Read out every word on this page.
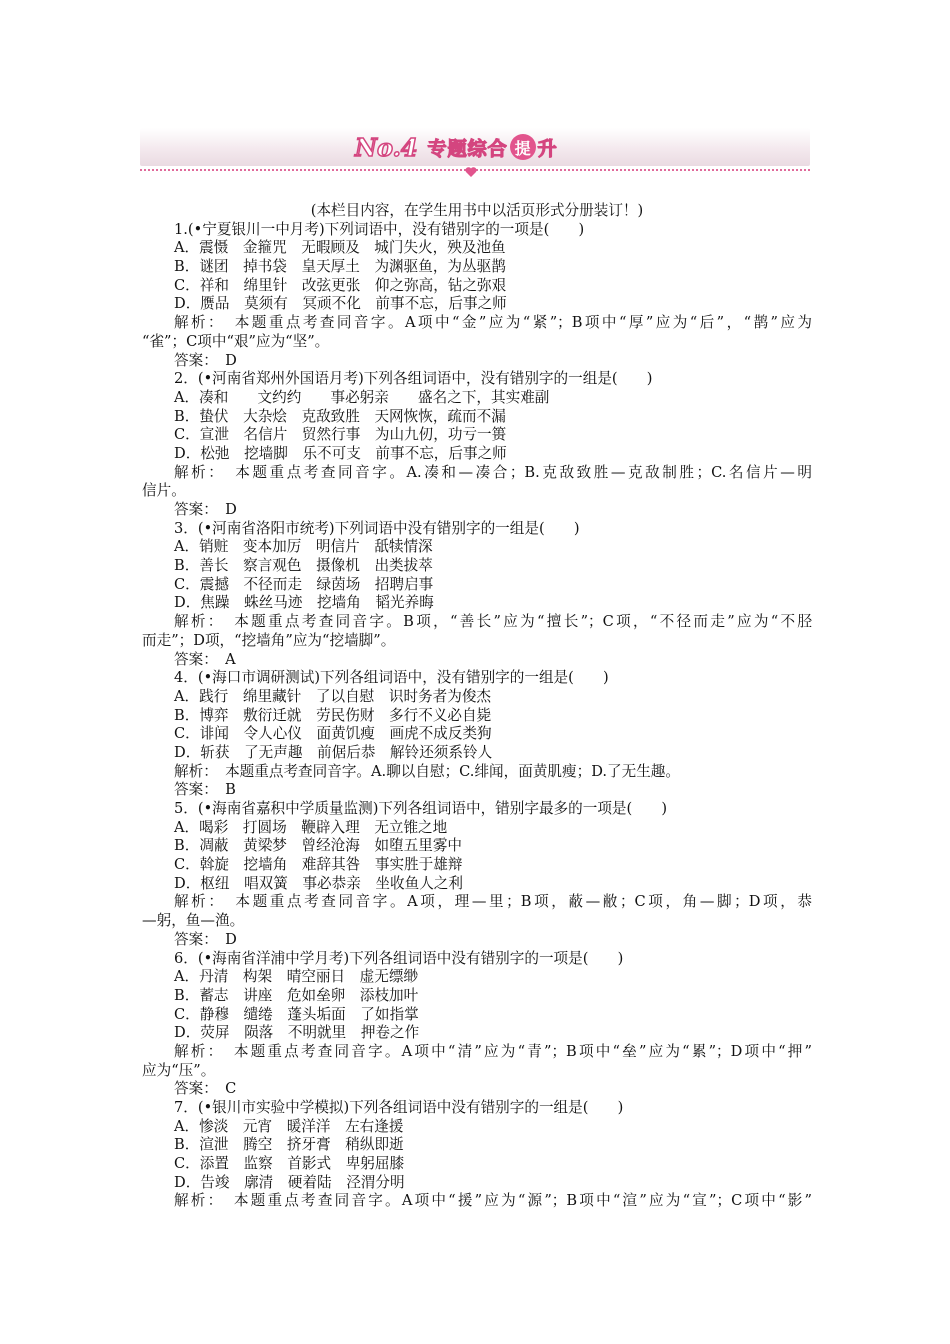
No.4 专题综合 提 升
(本栏目内容，在学生用书中以活页形式分册装订！)
1.(•宁夏银川一中月考)下列词语中，没有错别字的一项是(　　)
A．震慑　金箍咒　无暇顾及　城门失火，殃及池鱼
B．谜团　掉书袋　皇天厚土　为渊驱鱼，为丛驱鹊
C．祥和　绵里针　改弦更张　仰之弥高，钻之弥艰
D．赝品　莫须有　冥顽不化　前事不忘，后事之师
解析：　本题重点考查同音字。A项中“金”应为“紧”；B项中“厚”应为“后”，“鹊”应为
“雀”；C项中“艰”应为“坚”。
答案：　D
2．(•河南省郑州外国语月考)下列各组词语中，没有错别字的一组是(　　)
A．凑和　　文约约　　事必躬亲　　盛名之下，其实难副
B．蛰伏　大杂烩　克敌致胜　天网恢恢，疏而不漏
C．宣泄　名信片　贸然行事　为山九仞，功亏一篑
D．松弛　挖墙脚　乐不可支　前事不忘，后事之师
解析：　本题重点考查同音字。A.凑和—凑合；B.克敌致胜—克敌制胜；C.名信片—明
信片。
答案：　D
3．(•河南省洛阳市统考)下列词语中没有错别字的一组是(　　)
A．销赃　变本加厉　明信片　舐犊情深
B．善长　察言观色　摄像机　出类拔萃
C．震撼　不径而走　绿茵场　招聘启事
D．焦躁　蛛丝马迹　挖墙角　韬光养晦
解析：　本题重点考查同音字。B项，“善长”应为“擅长”；C项，“不径而走”应为“不胫
而走”；D项，“挖墙角”应为“挖墙脚”。
答案：　A
4．(•海口市调研测试)下列各组词语中，没有错别字的一组是(　　)
A．践行　绵里藏针　了以自慰　识时务者为俊杰
B．博弈　敷衍迁就　劳民伤财　多行不义必自毙
C．诽闻　令人心仪　面黄饥瘦　画虎不成反类狗
D．斩获　了无声趣　前倨后恭　解铃还须系铃人
解析：　本题重点考查同音字。A.聊以自慰；C.绯闻，面黄肌瘦；D.了无生趣。
答案：　B
5．(•海南省嘉积中学质量监测)下列各组词语中，错别字最多的一项是(　　)
A．喝彩　打圆场　鞭辟入理　无立锥之地
B．凋蔽　黄梁梦　曾经沧海　如堕五里雾中
C．斡旋　挖墙角　难辞其咎　事实胜于雄辩
D．枢纽　唱双簧　事必恭亲　坐收鱼人之利
解析：　本题重点考查同音字。A项，理—里；B项，蔽—敝；C项，角—脚；D项，恭
—躬，鱼—渔。
答案：　D
6．(•海南省洋浦中学月考)下列各组词语中没有错别字的一项是(　　)
A．丹清　构架　晴空丽日　虚无缥缈
B．蓄志　讲座　危如垒卵　添枝加叶
C．静穆　缱绻　蓬头垢面　了如指掌
D．荧屏　陨落　不明就里　押卷之作
解析：　本题重点考查同音字。A项中“清”应为“青”；B项中“垒”应为“累”；D项中“押”
应为“压”。
答案：　C
7．(•银川市实验中学模拟)下列各组词语中没有错别字的一组是(　　)
A．惨淡　元宵　暖洋洋　左右逢援
B．渲泄　腾空　挤牙膏　稍纵即逝
C．添置　监察　首影式　卑躬屈膝
D．告竣　廓清　硬着陆　泾渭分明
解析：　本题重点考查同音字。A项中“援”应为“源”；B项中“渲”应为“宣”；C项中“影”
